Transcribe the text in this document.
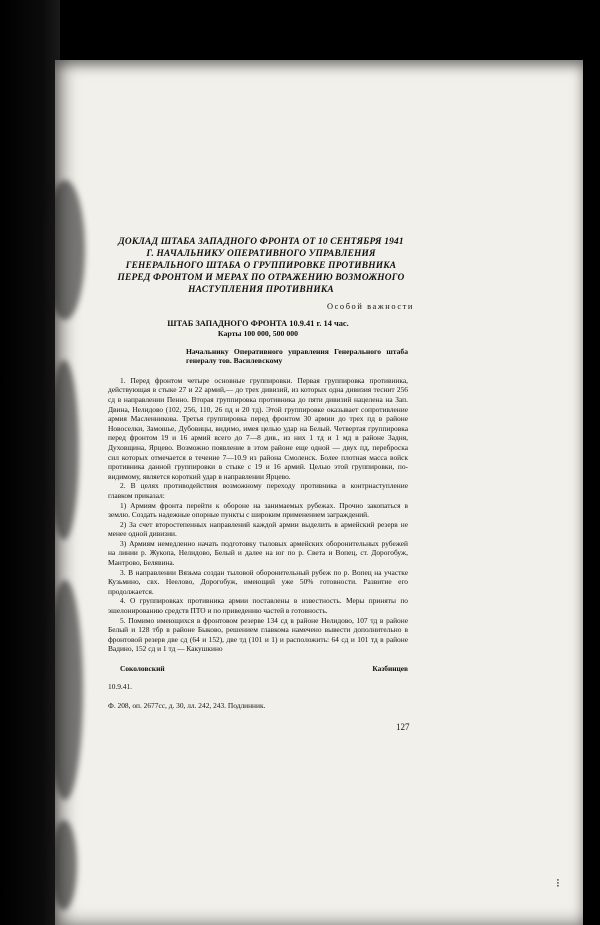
ДОКЛАД ШТАБА ЗАПАДНОГО ФРОНТА ОТ 10 СЕНТЯБРЯ 1941 Г. НАЧАЛЬНИКУ ОПЕРАТИВНОГО УПРАВЛЕНИЯ ГЕНЕРАЛЬНОГО ШТАБА О ГРУППИРОВКЕ ПРОТИВНИКА ПЕРЕД ФРОНТОМ И МЕРАХ ПО ОТРАЖЕНИЮ ВОЗМОЖНОГО НАСТУПЛЕНИЯ ПРОТИВНИКА
Особой важности
ШТАБ ЗАПАДНОГО ФРОНТА 10.9.41 г. 14 час.
Карты 100 000, 500 000
Начальнику Оперативного управления Генерального штаба генералу тов. Василевскому

1. Перед фронтом четыре основные группировки. Первая группировка противника, действующая в стыке 27 и 22 армий,— до трех дивизий, из которых одна дивизия теснит 256 сд в направлении Пенно. Вторая группировка противника до пяти дивизий нацелена на Зап. Двина, Нелидово (102, 256, 110, 26 пд и 20 тд). Этой группировке оказывает сопротивление армия Масленникова. Третья группировка перед фронтом 30 армии до трех пд в районе Новоселки, Замошье, Дубовицы, видимо, имея целью удар на Белый. Четвертая группировка перед фронтом 19 и 16 армий всего до 7—8 див., из них 1 тд и 1 мд в районе Задня, Духовщина, Ярцево. Возможно появление в этом районе еще одной — двух пд, переброска сил которых отмечается в течение 7—10.9 из района Смоленск. Более плотная масса войск противника данной группировки в стыке с 19 и 16 армий. Целью этой группировки, по-видимому, является короткий удар в направлении Ярцево.

2. В целях противодействия возможному переходу противника в контрнаступление главком приказал:

1) Армиям фронта перейти к обороне на занимаемых рубежах. Прочно закопаться в землю. Создать надежные опорные пункты с широким применением заграждений.

2) За счет второстепенных направлений каждой армии выделить в армейский резерв не менее одной дивизии.

3) Армиям немедленно начать подготовку тыловых армейских оборонительных рубежей на линии р. Жукопа, Нелидово, Белый и далее на юг по р. Света и Вопец, ст. Дорогобуж, Мантрово, Белявина.

3. В направлении Вязьма создан тыловой оборонительный рубеж по р. Вопец на участке Кузьмино, свх. Неелово, Дорогобуж, имеющий уже 50% готовности. Развитие его продолжается.

4. О группировках противника армии поставлены в известность. Меры приняты по эшелонированию средств ПТО и по приведению частей в готовность.

5. Помимо имеющихся в фронтовом резерве 134 сд в районе Нелидово, 107 тд в районе Белый и 128 тбр в районе Быково, решением главкома намечено вывести дополнительно в фронтовой резерв две сд (64 и 152), две тд (101 и 1) и расположить: 64 сд и 101 тд в районе Вадино, 152 сд и 1 тд — Какушкино

Соколовский	Казбинцев
10.9.41.
Ф. 208, оп. 2677сс, д. 30, лл. 242, 243. Подлинник.
127
⁝
